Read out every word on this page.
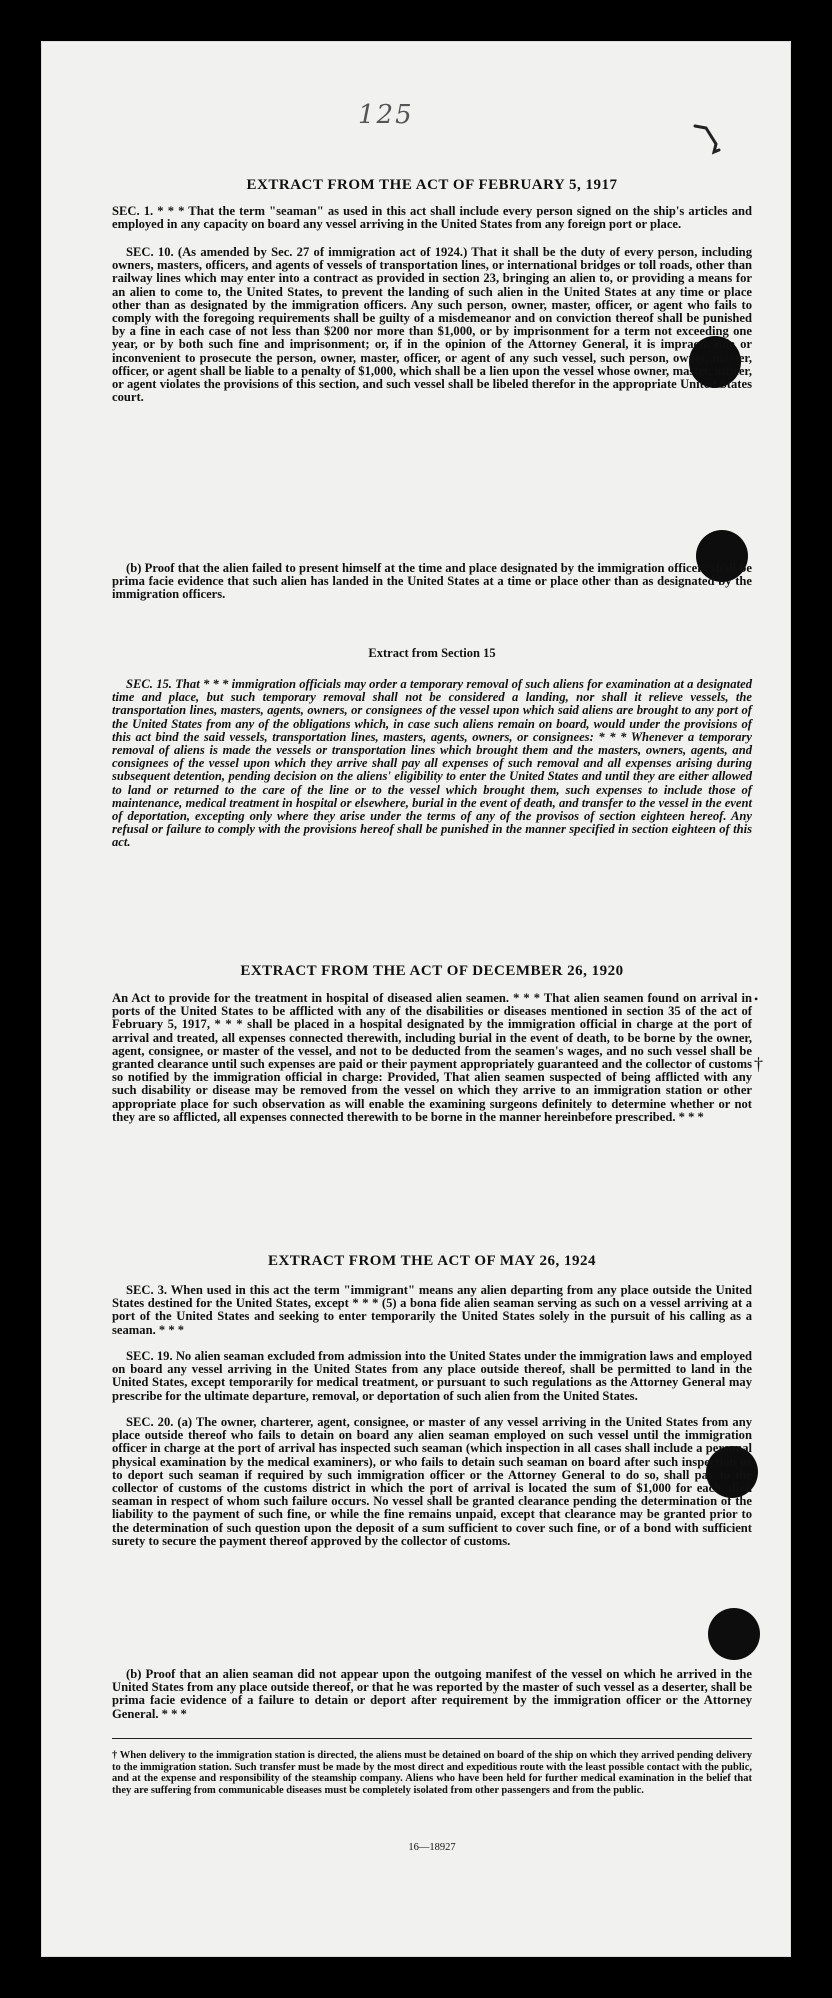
125
•
†
EXTRACT FROM THE ACT OF FEBRUARY 5, 1917

SEC. 1. * * * That the term "seaman" as used in this act shall include every person signed on the ship's articles and employed in any capacity on board any vessel arriving in the United States from any foreign port or place.

SEC. 10. (As amended by Sec. 27 of immigration act of 1924.) That it shall be the duty of every person, including owners, masters, officers, and agents of vessels of transportation lines, or international bridges or toll roads, other than railway lines which may enter into a contract as provided in section 23, bringing an alien to, or providing a means for an alien to come to, the United States, to prevent the landing of such alien in the United States at any time or place other than as designated by the immigration officers. Any such person, owner, master, officer, or agent who fails to comply with the foregoing requirements shall be guilty of a misdemeanor and on conviction thereof shall be punished by a fine in each case of not less than $200 nor more than $1,000, or by imprisonment for a term not exceeding one year, or by both such fine and imprisonment; or, if in the opinion of the Attorney General, it is impracticable or inconvenient to prosecute the person, owner, master, officer, or agent of any such vessel, such person, owner, master, officer, or agent shall be liable to a penalty of $1,000, which shall be a lien upon the vessel whose owner, master, officer, or agent violates the provisions of this section, and such vessel shall be libeled therefor in the appropriate United States court.

(b) Proof that the alien failed to present himself at the time and place designated by the immigration officers shall be prima facie evidence that such alien has landed in the United States at a time or place other than as designated by the immigration officers.

Extract from Section 15

SEC. 15. That * * * immigration officials may order a temporary removal of such aliens for examination at a designated time and place, but such temporary removal shall not be considered a landing, nor shall it relieve vessels, the transportation lines, masters, agents, owners, or consignees of the vessel upon which said aliens are brought to any port of the United States from any of the obligations which, in case such aliens remain on board, would under the provisions of this act bind the said vessels, transportation lines, masters, agents, owners, or consignees: * * * Whenever a temporary removal of aliens is made the vessels or transportation lines which brought them and the masters, owners, agents, and consignees of the vessel upon which they arrive shall pay all expenses of such removal and all expenses arising during subsequent detention, pending decision on the aliens' eligibility to enter the United States and until they are either allowed to land or returned to the care of the line or to the vessel which brought them, such expenses to include those of maintenance, medical treatment in hospital or elsewhere, burial in the event of death, and transfer to the vessel in the event of deportation, excepting only where they arise under the terms of any of the provisos of section eighteen hereof. Any refusal or failure to comply with the provisions hereof shall be punished in the manner specified in section eighteen of this act.

EXTRACT FROM THE ACT OF DECEMBER 26, 1920

An Act to provide for the treatment in hospital of diseased alien seamen. * * * That alien seamen found on arrival in ports of the United States to be afflicted with any of the disabilities or diseases mentioned in section 35 of the act of February 5, 1917, * * * shall be placed in a hospital designated by the immigration official in charge at the port of arrival and treated, all expenses connected therewith, including burial in the event of death, to be borne by the owner, agent, consignee, or master of the vessel, and not to be deducted from the seamen's wages, and no such vessel shall be granted clearance until such expenses are paid or their payment appropriately guaranteed and the collector of customs so notified by the immigration official in charge: Provided, That alien seamen suspected of being afflicted with any such disability or disease may be removed from the vessel on which they arrive to an immigration station or other appropriate place for such observation as will enable the examining surgeons definitely to determine whether or not they are so afflicted, all expenses connected therewith to be borne in the manner hereinbefore prescribed. * * *

EXTRACT FROM THE ACT OF MAY 26, 1924

SEC. 3. When used in this act the term "immigrant" means any alien departing from any place outside the United States destined for the United States, except * * * (5) a bona fide alien seaman serving as such on a vessel arriving at a port of the United States and seeking to enter temporarily the United States solely in the pursuit of his calling as a seaman. * * *

SEC. 19. No alien seaman excluded from admission into the United States under the immigration laws and employed on board any vessel arriving in the United States from any place outside thereof, shall be permitted to land in the United States, except temporarily for medical treatment, or pursuant to such regulations as the Attorney General may prescribe for the ultimate departure, removal, or deportation of such alien from the United States.

SEC. 20. (a) The owner, charterer, agent, consignee, or master of any vessel arriving in the United States from any place outside thereof who fails to detain on board any alien seaman employed on such vessel until the immigration officer in charge at the port of arrival has inspected such seaman (which inspection in all cases shall include a personal physical examination by the medical examiners), or who fails to detain such seaman on board after such inspection or to deport such seaman if required by such immigration officer or the Attorney General to do so, shall pay to the collector of customs of the customs district in which the port of arrival is located the sum of $1,000 for each alien seaman in respect of whom such failure occurs. No vessel shall be granted clearance pending the determination of the liability to the payment of such fine, or while the fine remains unpaid, except that clearance may be granted prior to the determination of such question upon the deposit of a sum sufficient to cover such fine, or of a bond with sufficient surety to secure the payment thereof approved by the collector of customs.

(b) Proof that an alien seaman did not appear upon the outgoing manifest of the vessel on which he arrived in the United States from any place outside thereof, or that he was reported by the master of such vessel as a deserter, shall be prima facie evidence of a failure to detain or deport after requirement by the immigration officer or the Attorney General. * * *

† When delivery to the immigration station is directed, the aliens must be detained on board of the ship on which they arrived pending delivery to the immigration station. Such transfer must be made by the most direct and expeditious route with the least possible contact with the public, and at the expense and responsibility of the steamship company. Aliens who have been held for further medical examination in the belief that they are suffering from communicable diseases must be completely isolated from other passengers and from the public.
16—18927
